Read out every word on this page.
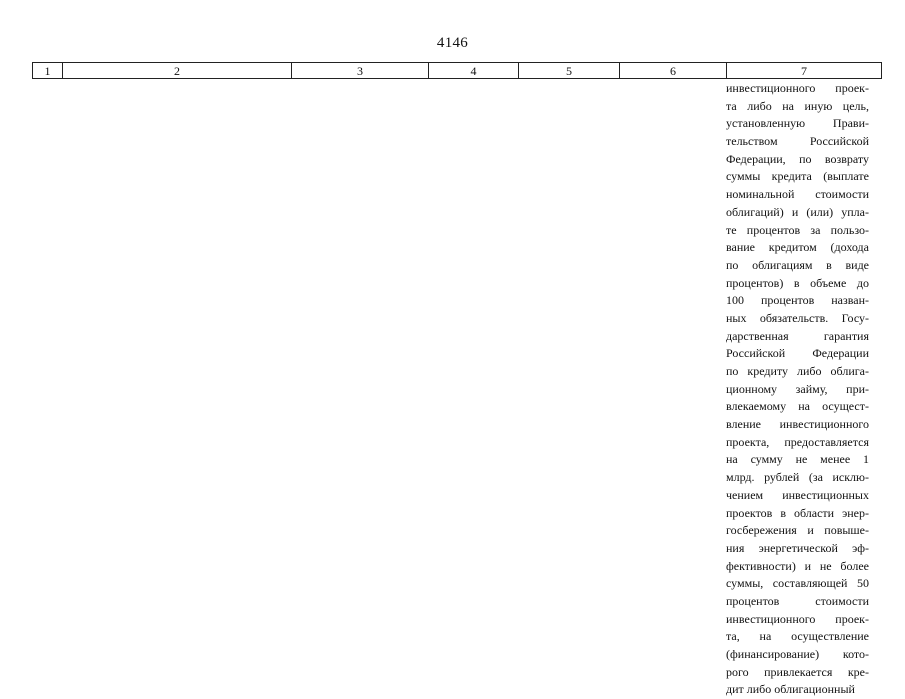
4146
1	2	3	4	5	6	7
инвестиционного проек-
та либо на иную цель,
установленную Прави-
тельством Российской
Федерации, по возврату
суммы кредита (выплате
номинальной стоимости
облигаций) и (или) упла-
те процентов за пользо-
вание кредитом (дохода
по облигациям в виде
процентов) в объеме до
100 процентов назван-
ных обязательств. Госу-
дарственная гарантия
Российской Федерации
по кредиту либо облига-
ционному займу, при-
влекаемому на осущест-
вление инвестиционного
проекта, предоставляется
на сумму не менее 1
млрд. рублей (за исклю-
чением инвестиционных
проектов в области энер-
госбережения и повыше-
ния энергетической эф-
фективности) и не более
суммы, составляющей 50
процентов стоимости
инвестиционного проек-
та, на осуществление
(финансирование) кото-
рого привлекается кре-
дит либо облигационный
